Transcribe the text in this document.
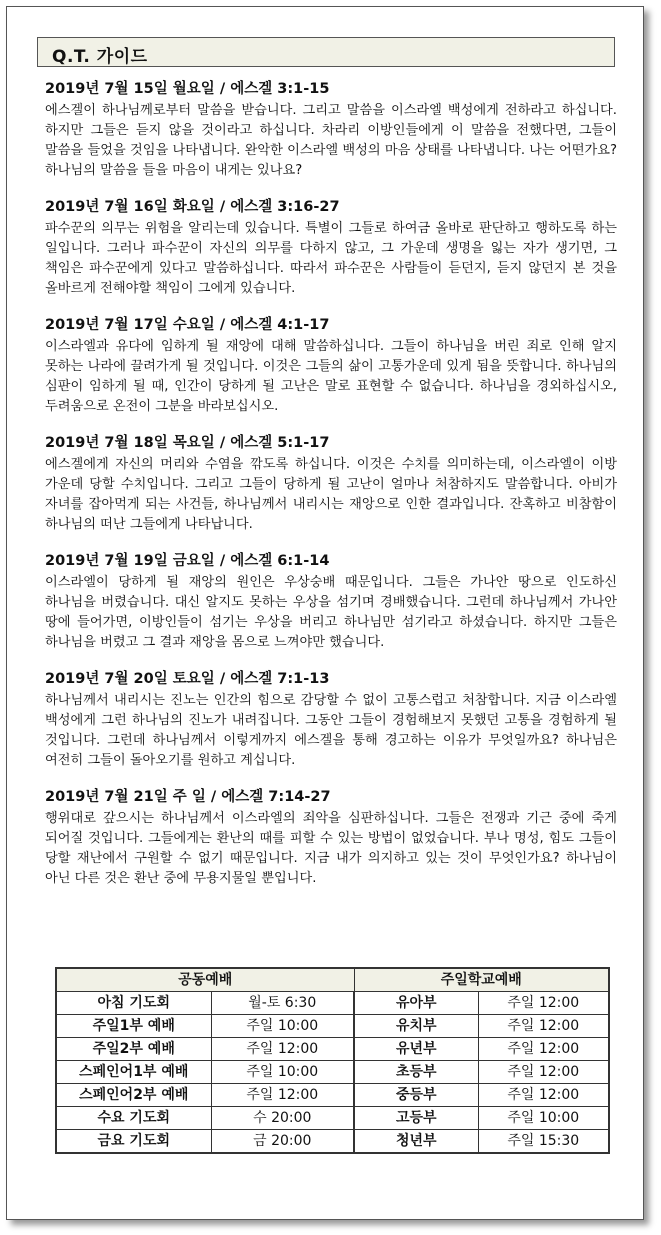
Q.T. 가이드

2019년 7월 15일 월요일 / 에스겔 3:1-15

에스겔이 하나님께로부터 말씀을 받습니다. 그리고 말씀을 이스라엘 백성에게 전하라고 하십니다. 하지만 그들은 듣지 않을 것이라고 하십니다. 차라리 이방인들에게 이 말씀을 전했다면, 그들이 말씀을 들었을 것임을 나타냅니다. 완악한 이스라엘 백성의 마음 상태를 나타냅니다. 나는 어떤가요? 하나님의 말씀을 들을 마음이 내게는 있나요?

2019년 7월 16일 화요일 / 에스겔 3:16-27

파수꾼의 의무는 위험을 알리는데 있습니다. 특별이 그들로 하여금 올바로 판단하고 행하도록 하는 일입니다. 그러나 파수꾼이 자신의 의무를 다하지 않고, 그 가운데 생명을 잃는 자가 생기면, 그 책임은 파수꾼에게 있다고 말씀하십니다. 따라서 파수꾼은 사람들이 듣던지, 듣지 않던지 본 것을 올바르게 전해야할 책임이 그에게 있습니다.

2019년 7월 17일 수요일 / 에스겔 4:1-17

이스라엘과 유다에 임하게 될 재앙에 대해 말씀하십니다. 그들이 하나님을 버린 죄로 인해 알지 못하는 나라에 끌려가게 될 것입니다. 이것은 그들의 삶이 고통가운데 있게 됨을 뜻합니다. 하나님의 심판이 임하게 될 때, 인간이 당하게 될 고난은 말로 표현할 수 없습니다. 하나님을 경외하십시오, 두려움으로 온전이 그분을 바라보십시오.

2019년 7월 18일 목요일 / 에스겔 5:1-17

에스겔에게 자신의 머리와 수염을 깎도록 하십니다. 이것은 수치를 의미하는데, 이스라엘이 이방 가운데 당할 수치입니다. 그리고 그들이 당하게 될 고난이 얼마나 처참하지도 말씀합니다. 아비가 자녀를 잡아먹게 되는 사건들, 하나님께서 내리시는 재앙으로 인한 결과입니다. 잔혹하고 비참함이 하나님의 떠난 그들에게 나타납니다.

2019년 7월 19일 금요일 / 에스겔 6:1-14

이스라엘이 당하게 될 재앙의 원인은 우상숭배 때문입니다. 그들은 가나안 땅으로 인도하신 하나님을 버렸습니다. 대신 알지도 못하는 우상을 섬기며 경배했습니다. 그런데 하나님께서 가나안 땅에 들어가면, 이방인들이 섬기는 우상을 버리고 하나님만 섬기라고 하셨습니다. 하지만 그들은 하나님을 버렸고 그 결과 재앙을 몸으로 느껴야만 했습니다.

2019년 7월 20일 토요일 / 에스겔 7:1-13

하나님께서 내리시는 진노는 인간의 힘으로 감당할 수 없이 고통스럽고 처참합니다. 지금 이스라엘 백성에게 그런 하나님의 진노가 내려집니다. 그동안 그들이 경험해보지 못했던 고통을 경험하게 될 것입니다. 그런데 하나님께서 이렇게까지 에스겔을 통해 경고하는 이유가 무엇일까요? 하나님은 여전히 그들이 돌아오기를 원하고 계십니다.

2019년 7월 21일 주 일 / 에스겔 7:14-27

행위대로 갚으시는 하나님께서 이스라엘의 죄악을 심판하십니다. 그들은 전쟁과 기근 중에 죽게 되어질 것입니다. 그들에게는 환난의 때를 피할 수 있는 방법이 없었습니다. 부나 명성, 힘도 그들이 당할 재난에서 구원할 수 없기 때문입니다. 지금 내가 의지하고 있는 것이 무엇인가요? 하나님이 아닌 다른 것은 환난 중에 무용지물일 뿐입니다.

공동예배		주일학교예배	
아침 기도회	월-토 6:30	유아부	주일 12:00
주일1부 예배	주일 10:00	유치부	주일 12:00
주일2부 예배	주일 12:00	유년부	주일 12:00
스페인어1부 예배	주일 10:00	초등부	주일 12:00
스페인어2부 예배	주일 12:00	중등부	주일 12:00
수요 기도회	수 20:00	고등부	주일 10:00
금요 기도회	금 20:00	청년부	주일 15:30
